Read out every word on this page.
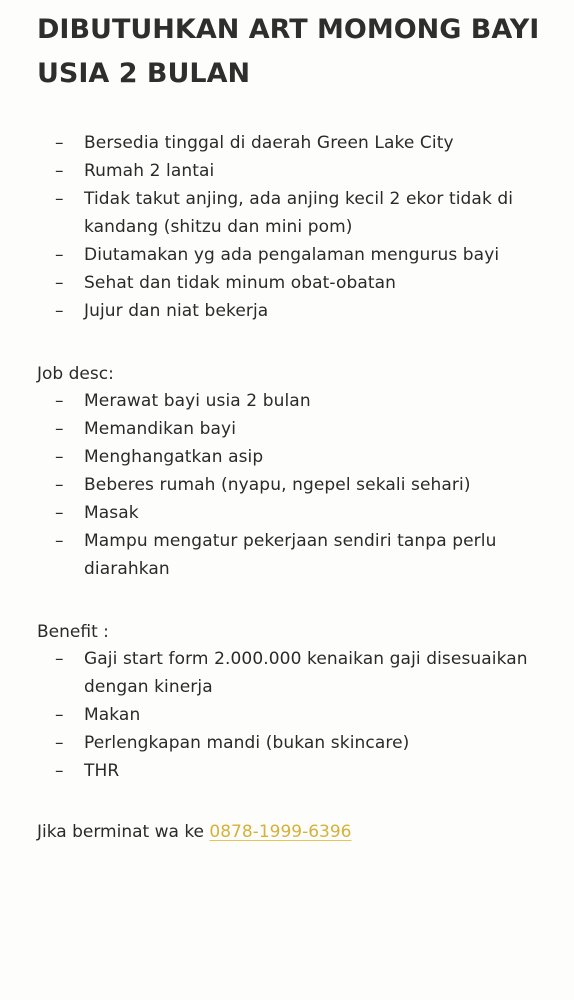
DIBUTUHKAN ART MOMONG BAYI USIA 2 BULAN
–	Bersedia tinggal di daerah Green Lake City
–	Rumah 2 lantai
–	Tidak takut anjing, ada anjing kecil 2 ekor tidak di kandang (shitzu dan mini pom)
–	Diutamakan yg ada pengalaman mengurus bayi
–	Sehat dan tidak minum obat-obatan
–	Jujur dan niat bekerja
Job desc:
–	Merawat bayi usia 2 bulan
–	Memandikan bayi
–	Menghangatkan asip
–	Beberes rumah (nyapu, ngepel sekali sehari)
–	Masak
–	Mampu mengatur pekerjaan sendiri tanpa perlu diarahkan
Benefit :
–	Gaji start form 2.000.000 kenaikan gaji disesuaikan dengan kinerja
–	Makan
–	Perlengkapan mandi (bukan skincare)
–	THR
Jika berminat wa ke 0878-1999-6396
